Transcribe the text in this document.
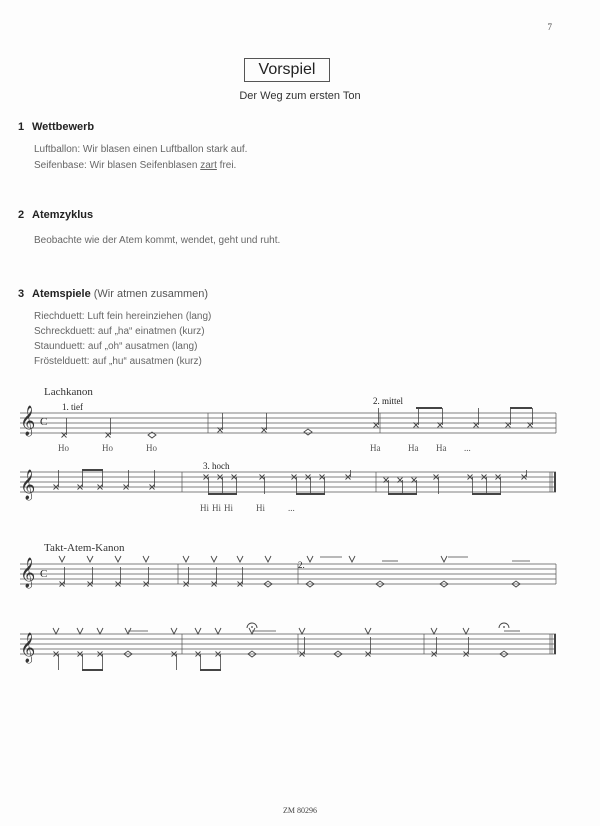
7
Vorspiel
Der Weg zum ersten Ton
1 Wettbewerb
Luftballon: Wir blasen einen Luftballon stark auf.
Seifenbase: Wir blasen Seifenblasen zart frei.
2 Atemzyklus
Beobachte wie der Atem kommt, wendet, geht und ruht.
3 Atemspiele (Wir atmen zusammen)
Riechduett: Luft fein hereinziehen (lang)
Schreckduett: auf „ha“ einatmen (kurz)
Staunduett: auf „oh“ ausatmen (lang)
Fröstelduett: auf „hu“ ausatmen (kurz)
Lachkanon
1. tief
2. mittel
3. hoch
𝄞 C
𝄞
𝄞 C
𝄞
Ho	Ho	Ho	Ha	Ha Ha ...
Hi Hi Hi	Hi	...
Takt-Atem-Kanon
2.
ZM 80296
